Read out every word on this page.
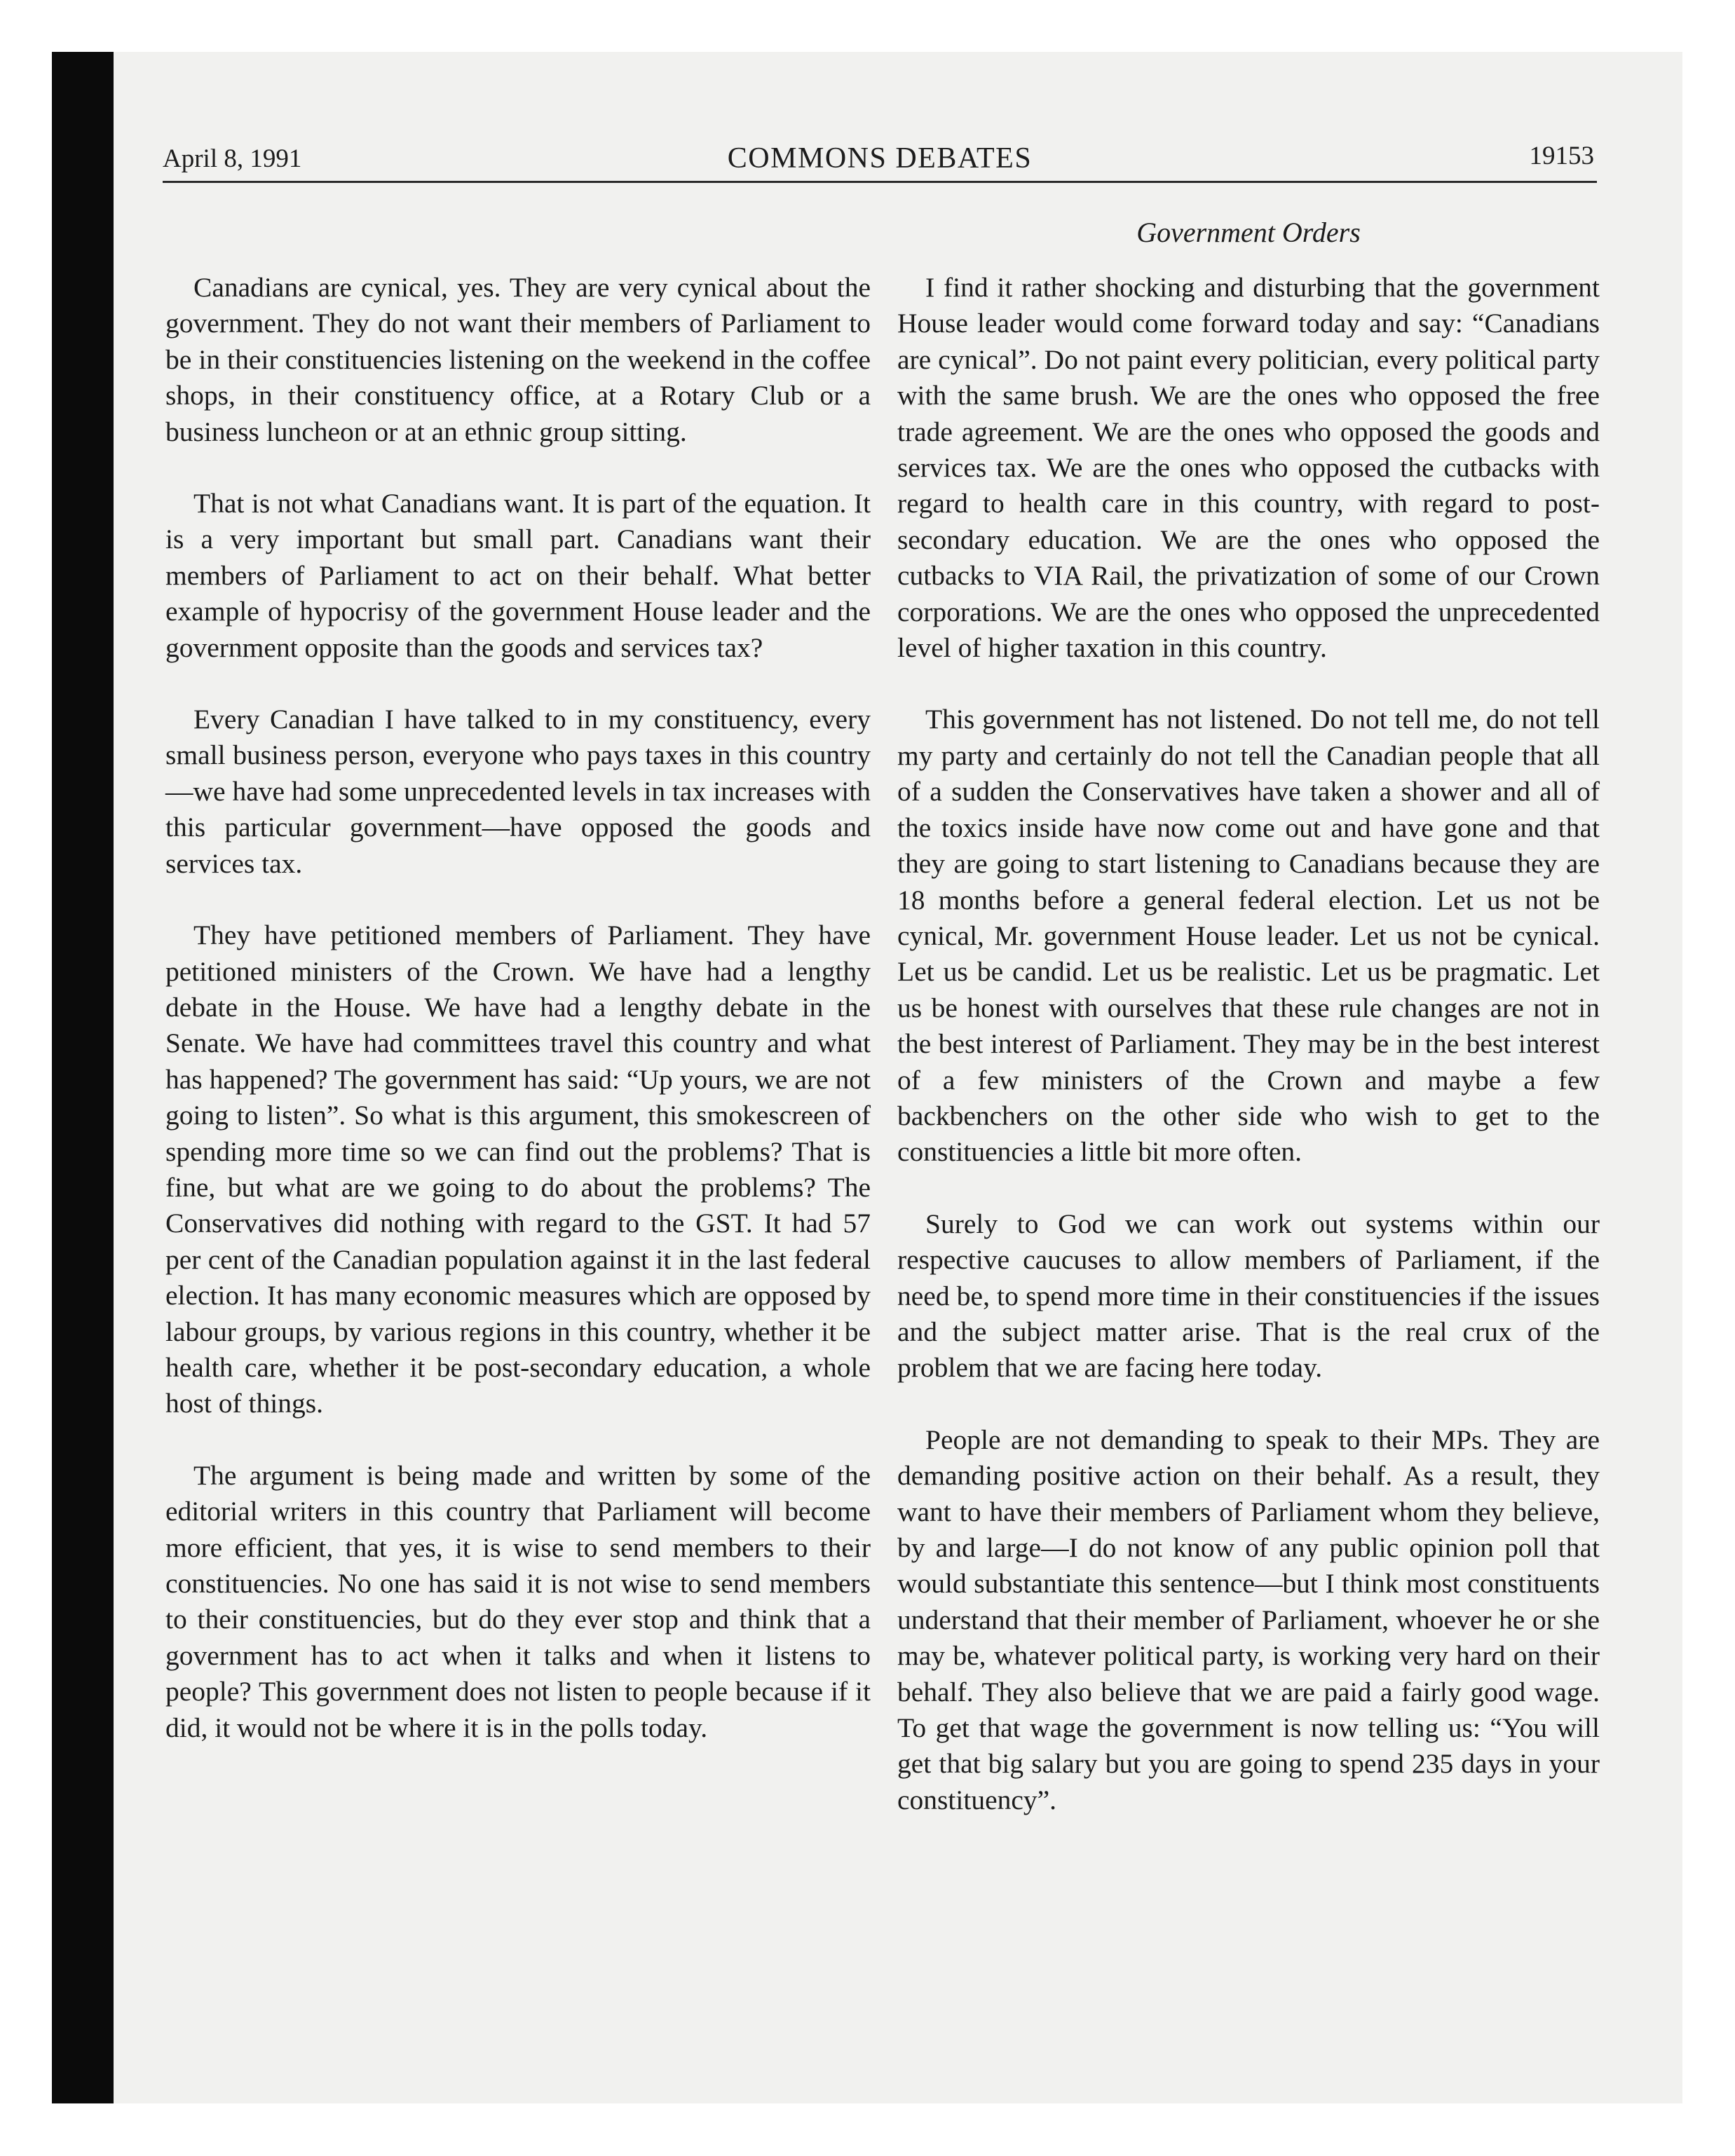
April 8, 1991	COMMONS DEBATES	19153
Government Orders

Canadians are cynical, yes. They are very cynical about the government. They do not want their members of Parliament to be in their constituencies listening on the weekend in the coffee shops, in their constituency office, at a Rotary Club or a business luncheon or at an ethnic group sitting.

That is not what Canadians want. It is part of the equation. It is a very important but small part. Canadians want their members of Parliament to act on their behalf. What better example of hypocrisy of the government House leader and the government opposite than the goods and services tax?

Every Canadian I have talked to in my constituency, every small business person, everyone who pays taxes in this country—we have had some unprecedented levels in tax increases with this particular government—have opposed the goods and services tax.

They have petitioned members of Parliament. They have petitioned ministers of the Crown. We have had a lengthy debate in the House. We have had a lengthy debate in the Senate. We have had committees travel this country and what has happened? The government has said: “Up yours, we are not going to listen”. So what is this argument, this smokescreen of spending more time so we can find out the problems? That is fine, but what are we going to do about the problems? The Conservatives did nothing with regard to the GST. It had 57 per cent of the Canadian population against it in the last federal election. It has many economic measures which are opposed by labour groups, by various regions in this country, whether it be health care, whether it be post-secondary education, a whole host of things.

The argument is being made and written by some of the editorial writers in this country that Parliament will become more efficient, that yes, it is wise to send members to their constituencies. No one has said it is not wise to send members to their constituencies, but do they ever stop and think that a government has to act when it talks and when it listens to people? This government does not listen to people because if it did, it would not be where it is in the polls today.

I find it rather shocking and disturbing that the government House leader would come forward today and say: “Canadians are cynical”. Do not paint every politician, every political party with the same brush. We are the ones who opposed the free trade agreement. We are the ones who opposed the goods and services tax. We are the ones who opposed the cutbacks with regard to health care in this country, with regard to post-secondary education. We are the ones who opposed the cutbacks to VIA Rail, the privatization of some of our Crown corporations. We are the ones who opposed the unprecedented level of higher taxation in this country.

This government has not listened. Do not tell me, do not tell my party and certainly do not tell the Canadian people that all of a sudden the Conservatives have taken a shower and all of the toxics inside have now come out and have gone and that they are going to start listening to Canadians because they are 18 months before a general federal election. Let us not be cynical, Mr. government House leader. Let us not be cynical. Let us be candid. Let us be realistic. Let us be pragmatic. Let us be honest with ourselves that these rule changes are not in the best interest of Parliament. They may be in the best interest of a few ministers of the Crown and maybe a few backbenchers on the other side who wish to get to the constituencies a little bit more often.

Surely to God we can work out systems within our respective caucuses to allow members of Parliament, if the need be, to spend more time in their constituencies if the issues and the subject matter arise. That is the real crux of the problem that we are facing here today.

People are not demanding to speak to their MPs. They are demanding positive action on their behalf. As a result, they want to have their members of Parliament whom they believe, by and large—I do not know of any public opinion poll that would substantiate this sentence—but I think most constituents understand that their member of Parliament, whoever he or she may be, whatever political party, is working very hard on their behalf. They also believe that we are paid a fairly good wage. To get that wage the government is now telling us: “You will get that big salary but you are going to spend 235 days in your constituency”.
